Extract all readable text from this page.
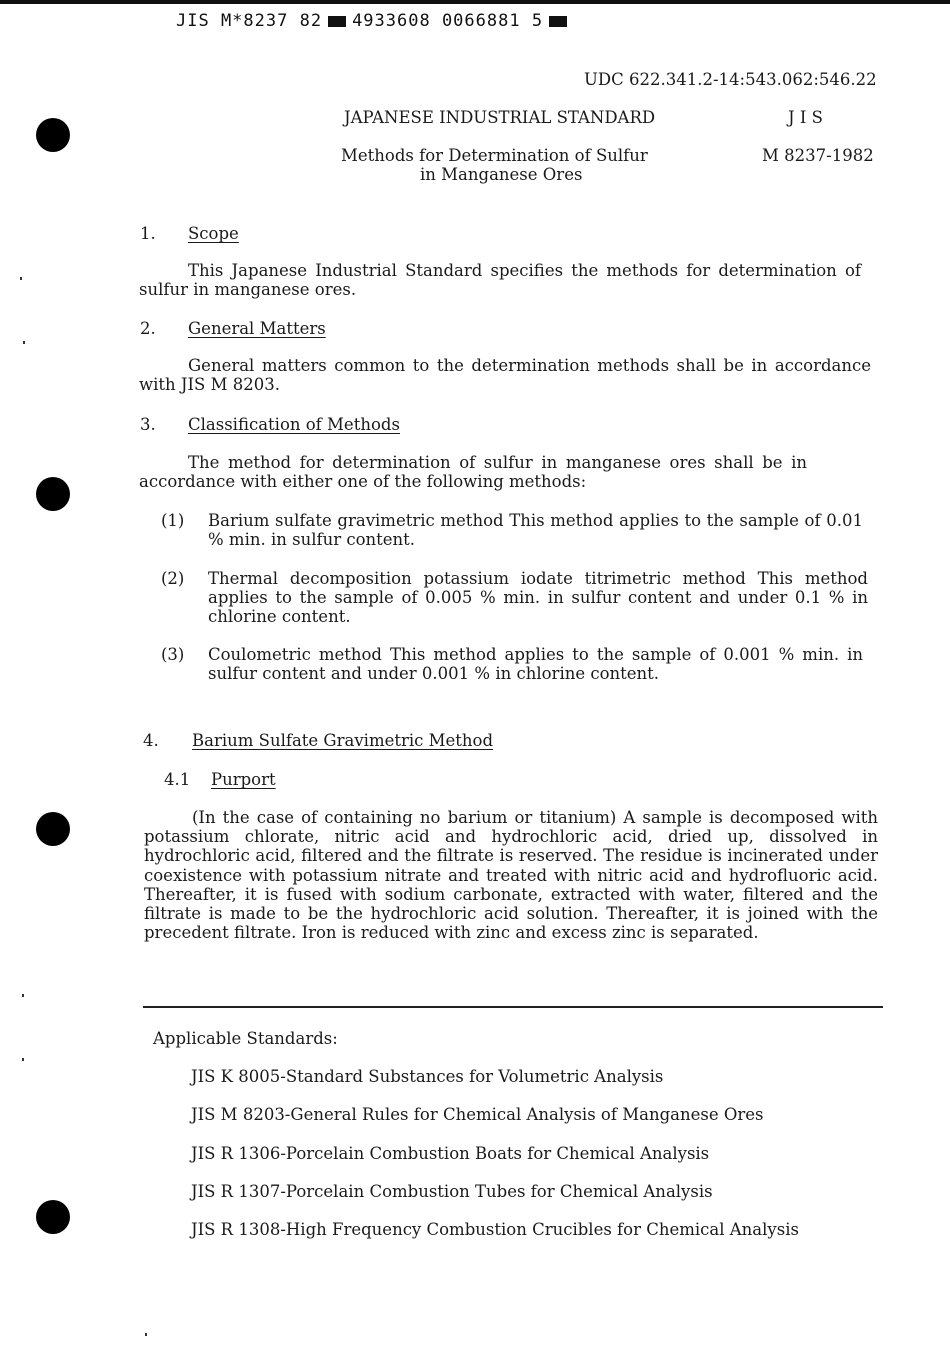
JIS M*8237 82 4933608 0066881 5
UDC 622.341.2-14:543.062:546.22
JAPANESE INDUSTRIAL STANDARD	J I S
Methods for Determination of Sulfur
in Manganese Ores
M 8237-1982
1. Scope
This Japanese Industrial Standard specifies the methods for determination of sulfur in manganese ores.
2. General Matters
General matters common to the determination methods shall be in accordance with JIS M 8203.
3. Classification of Methods
The method for determination of sulfur in manganese ores shall be in accordance with either one of the following methods:
(1) Barium sulfate gravimetric method This method applies to the sample of 0.01 % min. in sulfur content.
(2) Thermal decomposition potassium iodate titrimetric method This method applies to the sample of 0.005 % min. in sulfur content and under 0.1 % in chlorine content.
(3) Coulometric method This method applies to the sample of 0.001 % min. in sulfur content and under 0.001 % in chlorine content.
4. Barium Sulfate Gravimetric Method
4.1 Purport
(In the case of containing no barium or titanium) A sample is decomposed with potassium chlorate, nitric acid and hydrochloric acid, dried up, dissolved in hydrochloric acid, filtered and the filtrate is reserved. The residue is incinerated under coexistence with potassium nitrate and treated with nitric acid and hydrofluoric acid. Thereafter, it is fused with sodium carbonate, extracted with water, filtered and the filtrate is made to be the hydrochloric acid solution. Thereafter, it is joined with the precedent filtrate. Iron is reduced with zinc and excess zinc is separated.
Applicable Standards:
JIS K 8005-Standard Substances for Volumetric Analysis
JIS M 8203-General Rules for Chemical Analysis of Manganese Ores
JIS R 1306-Porcelain Combustion Boats for Chemical Analysis
JIS R 1307-Porcelain Combustion Tubes for Chemical Analysis
JIS R 1308-High Frequency Combustion Crucibles for Chemical Analysis
